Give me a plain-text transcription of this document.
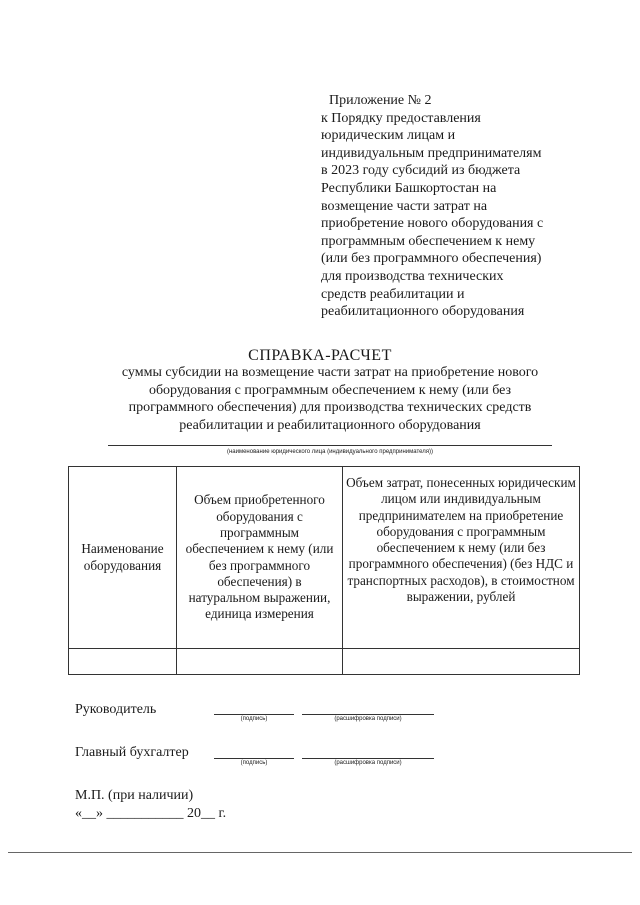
Приложение № 2
к Порядку предоставления
юридическим лицам и
индивидуальным предпринимателям
в 2023 году субсидий из бюджета
Республики Башкортостан на
возмещение части затрат на
приобретение нового оборудования с
программным обеспечением к нему
(или без программного обеспечения)
для производства технических
средств реабилитации и
реабилитационного оборудования
СПРАВКА-РАСЧЕТ
суммы субсидии на возмещение части затрат на приобретение нового
оборудования с программным обеспечением к нему (или без
программного обеспечения) для производства технических средств
реабилитации и реабилитационного оборудования
(наименование юридического лица (индивидуального предпринимателя))
Наименование оборудования	Объем приобретенного оборудования с программным обеспечением к нему (или без программного обеспечения) в натуральном выражении, единица измерения	Объем затрат, понесенных юридическим лицом или индивидуальным предпринимателем на приобретение оборудования с программным обеспечением к нему (или без программного обеспечения) (без НДС и транспортных расходов), в стоимостном выражении, рублей

Руководитель
(подпись)	(расшифровка подписи)
Главный бухгалтер
(подпись)	(расшифровка подписи)
М.П. (при наличии)
«__» ___________ 20__ г.
